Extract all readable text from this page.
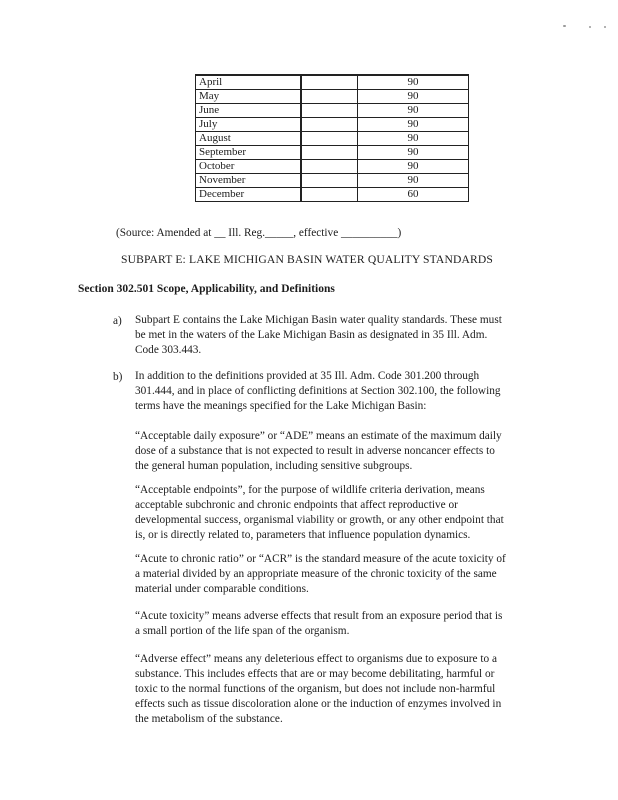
April		90
May		90
June		90
July		90
August		90
September		90
October		90
November		90
December		60
(Source: Amended at __ Ill. Reg._____, effective __________)
SUBPART E: LAKE MICHIGAN BASIN WATER QUALITY STANDARDS
Section 302.501 Scope, Applicability, and Definitions
a) Subpart E contains the Lake Michigan Basin water quality standards. These must
be met in the waters of the Lake Michigan Basin as designated in 35 Ill. Adm.
Code 303.443.
b) In addition to the definitions provided at 35 Ill. Adm. Code 301.200 through
301.444, and in place of conflicting definitions at Section 302.100, the following
terms have the meanings specified for the Lake Michigan Basin:
“Acceptable daily exposure” or “ADE” means an estimate of the maximum daily
dose of a substance that is not expected to result in adverse noncancer effects to
the general human population, including sensitive subgroups.
“Acceptable endpoints”, for the purpose of wildlife criteria derivation, means
acceptable subchronic and chronic endpoints that affect reproductive or
developmental success, organismal viability or growth, or any other endpoint that
is, or is directly related to, parameters that influence population dynamics.
“Acute to chronic ratio” or “ACR” is the standard measure of the acute toxicity of
a material divided by an appropriate measure of the chronic toxicity of the same
material under comparable conditions.
“Acute toxicity” means adverse effects that result from an exposure period that is
a small portion of the life span of the organism.
“Adverse effect” means any deleterious effect to organisms due to exposure to a
substance. This includes effects that are or may become debilitating, harmful or
toxic to the normal functions of the organism, but does not include non-harmful
effects such as tissue discoloration alone or the induction of enzymes involved in
the metabolism of the substance.
